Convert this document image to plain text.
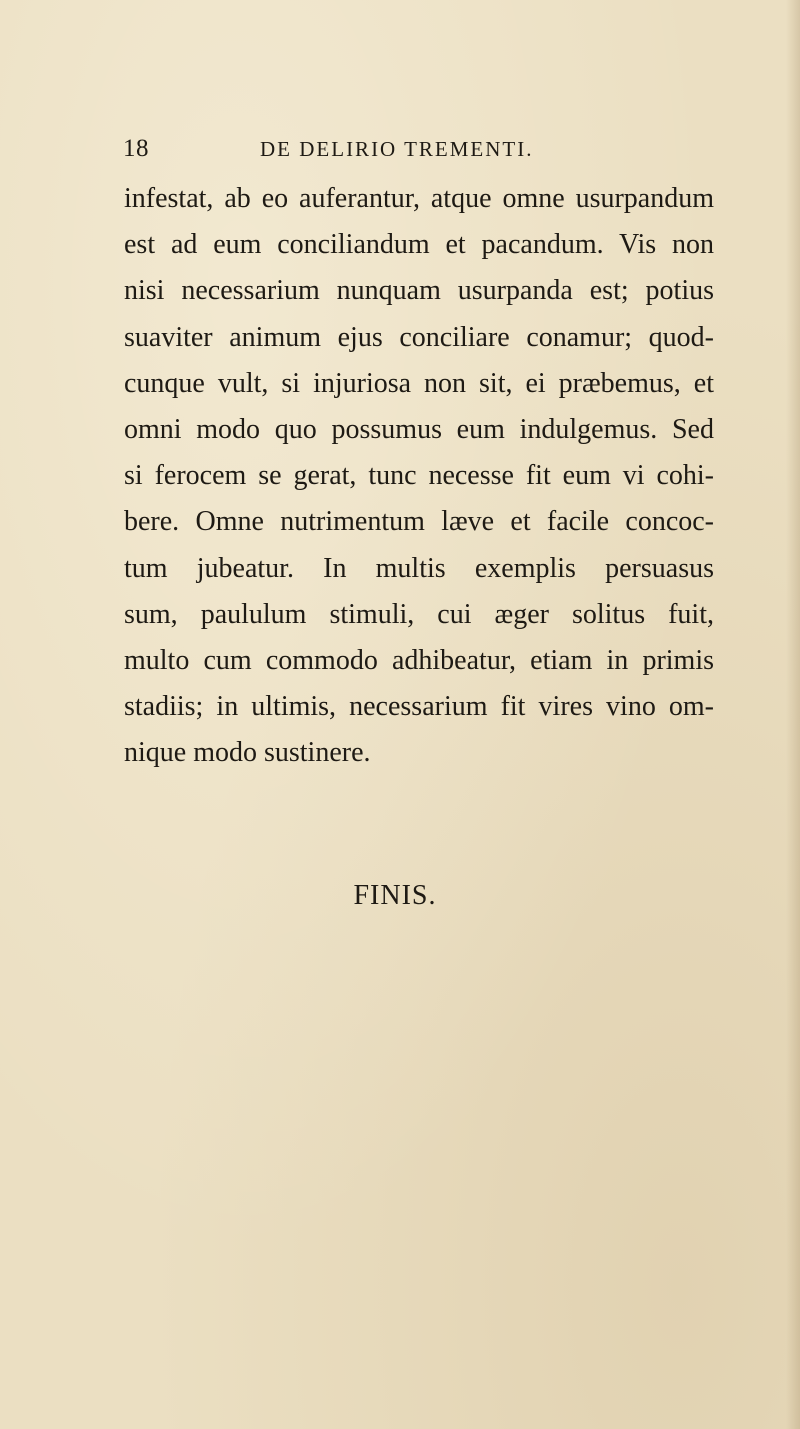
18	DE DELIRIO TREMENTI.
infestat, ab eo auferantur, atque omne usurpandum
est ad eum conciliandum et pacandum. Vis non
nisi necessarium nunquam usurpanda est; potius
suaviter animum ejus conciliare conamur; quod-
cunque vult, si injuriosa non sit, ei præbemus, et
omni modo quo possumus eum indulgemus. Sed
si ferocem se gerat, tunc necesse fit eum vi cohi-
bere. Omne nutrimentum læve et facile concoc-
tum jubeatur. In multis exemplis persuasus
sum, paululum stimuli, cui æger solitus fuit,
multo cum commodo adhibeatur, etiam in primis
stadiis; in ultimis, necessarium fit vires vino om-
nique modo sustinere.
FINIS.
